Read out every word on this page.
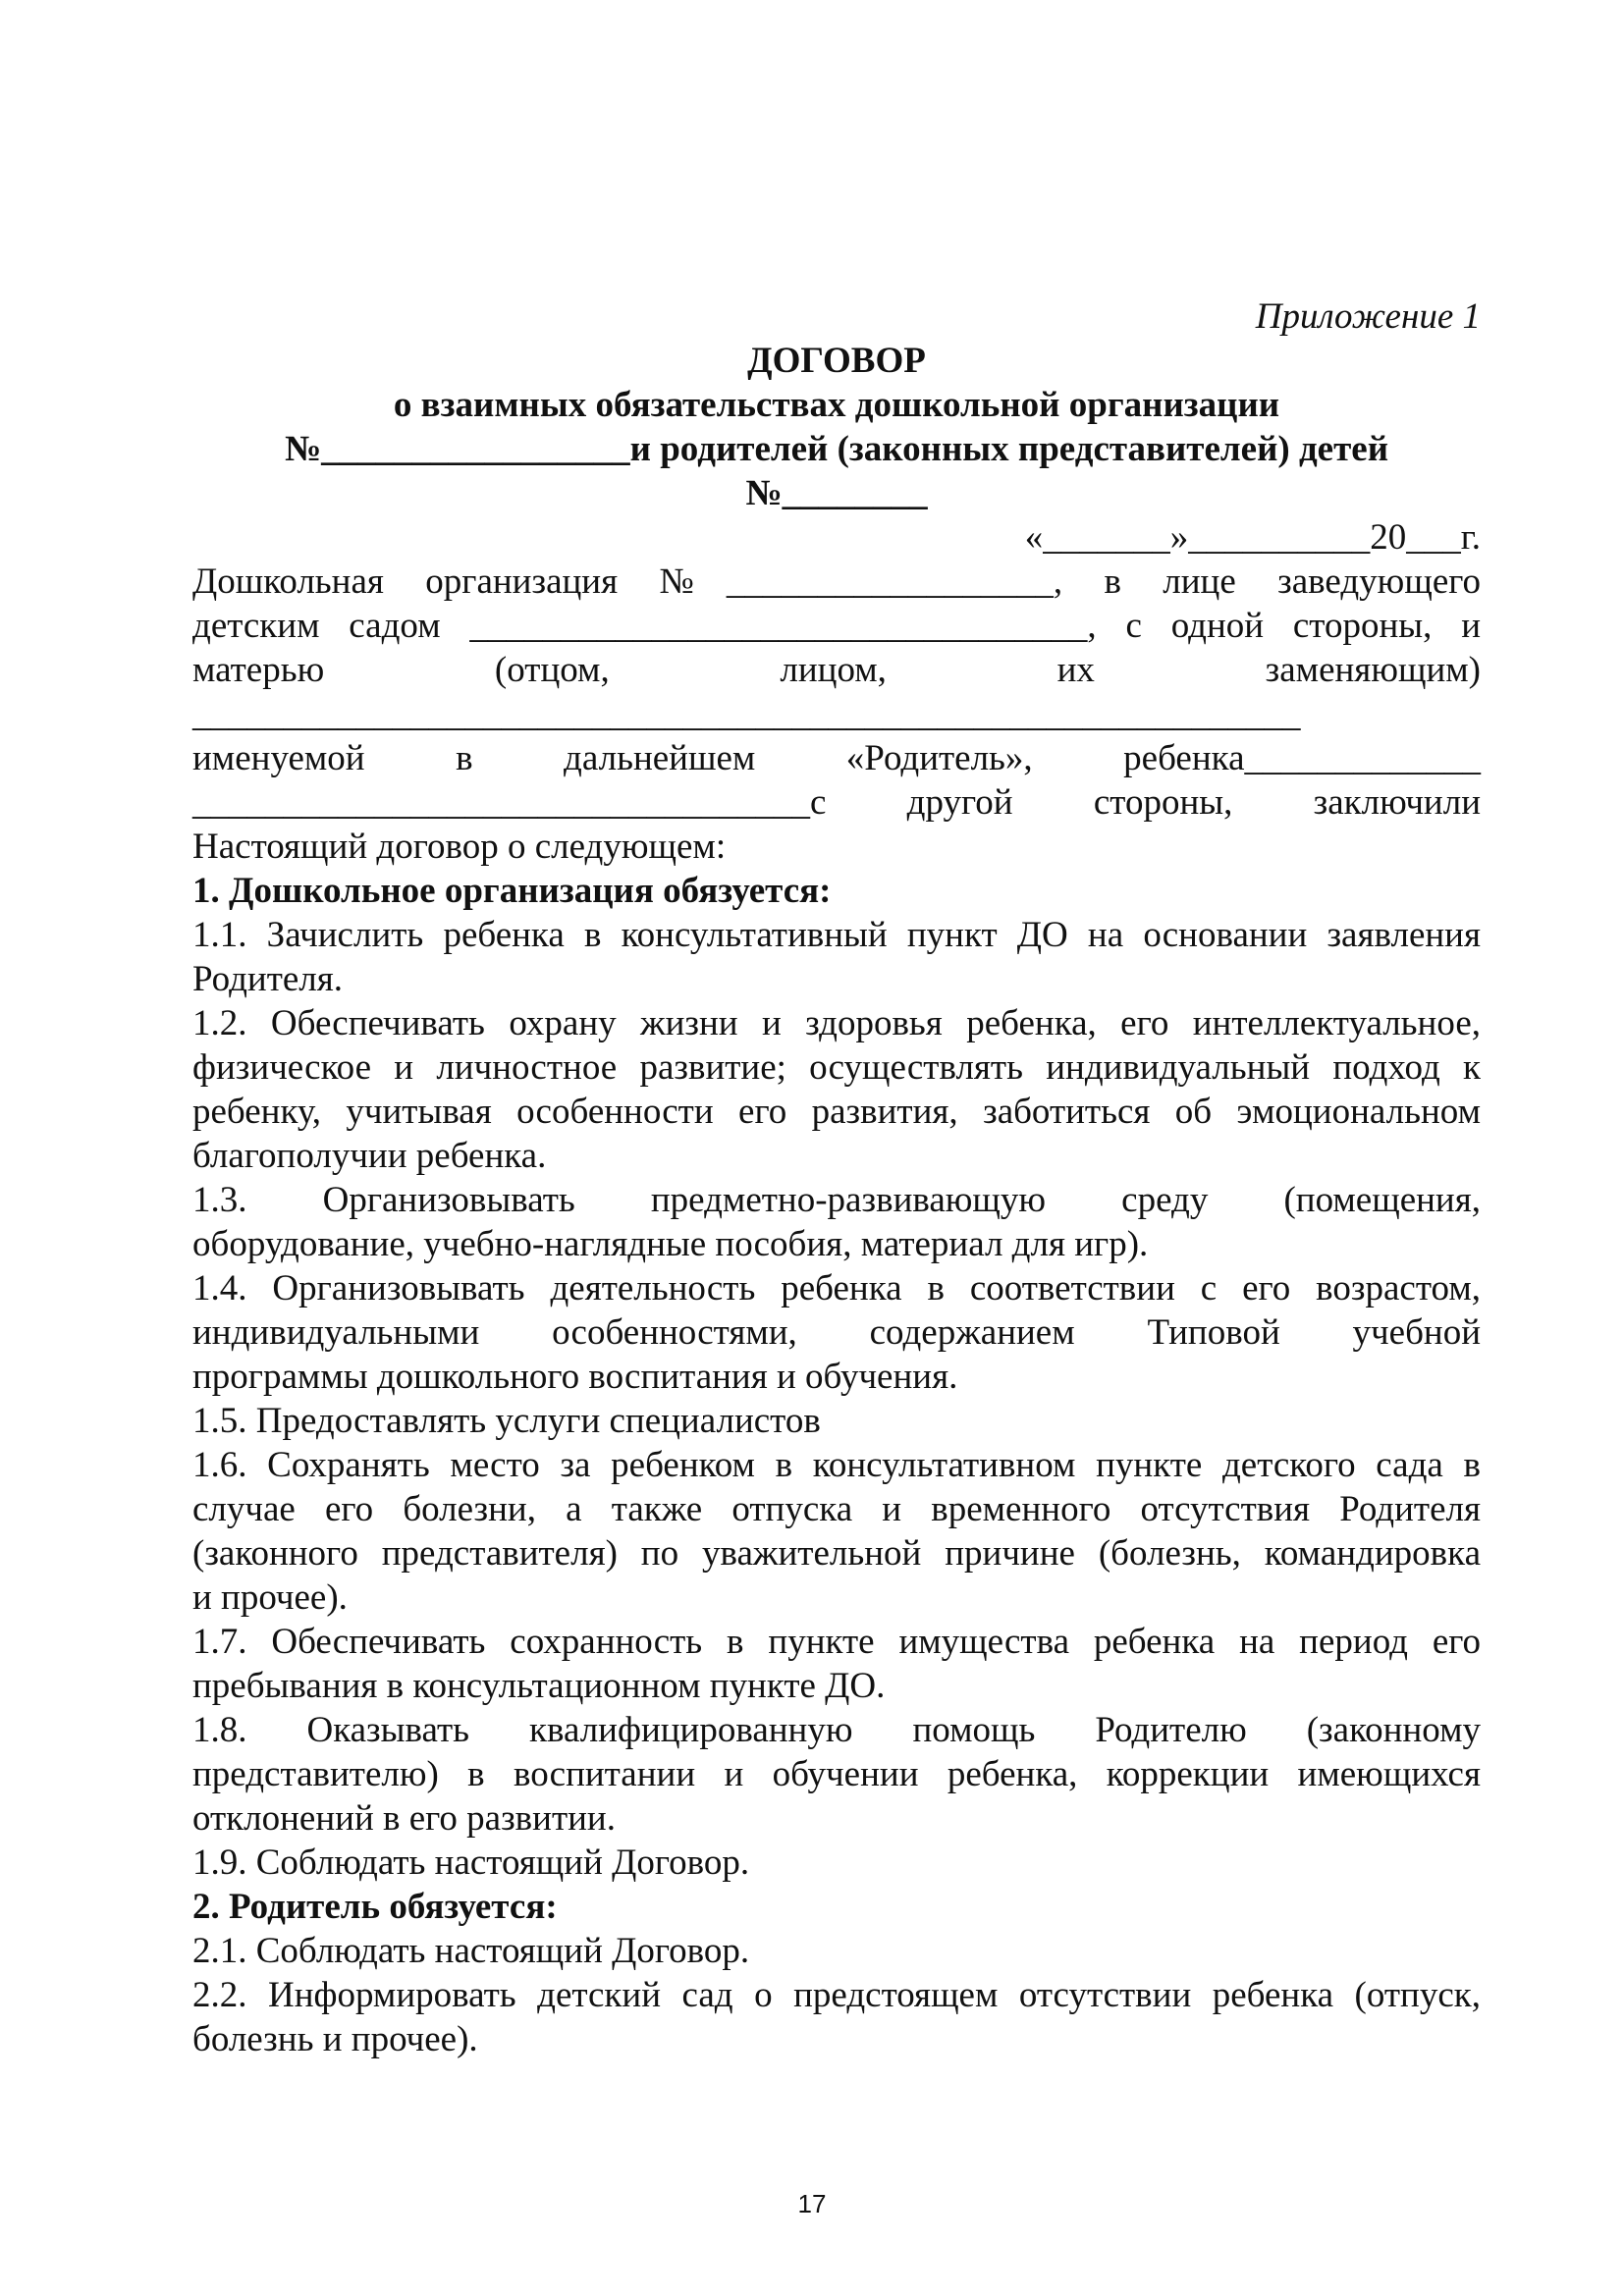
Приложение 1
ДОГОВОР
о взаимных обязательствах дошкольной организации
№_________________и родителей (законных представителей) детей
№________
«_______»__________20___г.
Дошкольная организация №__________________, в лице заведующего
детским садом __________________________________, с одной стороны, и
матерью (отцом, лицом, их заменяющим)
_____________________________________________________________
именуемой в дальнейшем «Родитель», ребенка_____________
__________________________________с другой стороны, заключили
Настоящий договор о следующем:
1. Дошкольное организация обязуется:
1.1. Зачислить ребенка в консультативный пункт ДО на основании заявления
Родителя.
1.2. Обеспечивать охрану жизни и здоровья ребенка, его интеллектуальное,
физическое и личностное развитие; осуществлять индивидуальный подход к
ребенку, учитывая особенности его развития, заботиться об эмоциональном
благополучии ребенка.
1.3. Организовывать предметно-развивающую среду (помещения,
оборудование, учебно-наглядные пособия, материал для игр).
1.4. Организовывать деятельность ребенка в соответствии с его возрастом,
индивидуальными особенностями, содержанием Типовой учебной
программы дошкольного воспитания и обучения.
1.5. Предоставлять услуги специалистов
1.6. Сохранять место за ребенком в консультативном пункте детского сада в
случае его болезни, а также отпуска и временного отсутствия Родителя
(законного представителя) по уважительной причине (болезнь, командировка
и прочее).
1.7. Обеспечивать сохранность в пункте имущества ребенка на период его
пребывания в консультационном пункте ДО.
1.8. Оказывать квалифицированную помощь Родителю (законному
представителю) в воспитании и обучении ребенка, коррекции имеющихся
отклонений в его развитии.
1.9. Соблюдать настоящий Договор.
2. Родитель обязуется:
2.1. Соблюдать настоящий Договор.
2.2. Информировать детский сад о предстоящем отсутствии ребенка (отпуск,
болезнь и прочее).
17
